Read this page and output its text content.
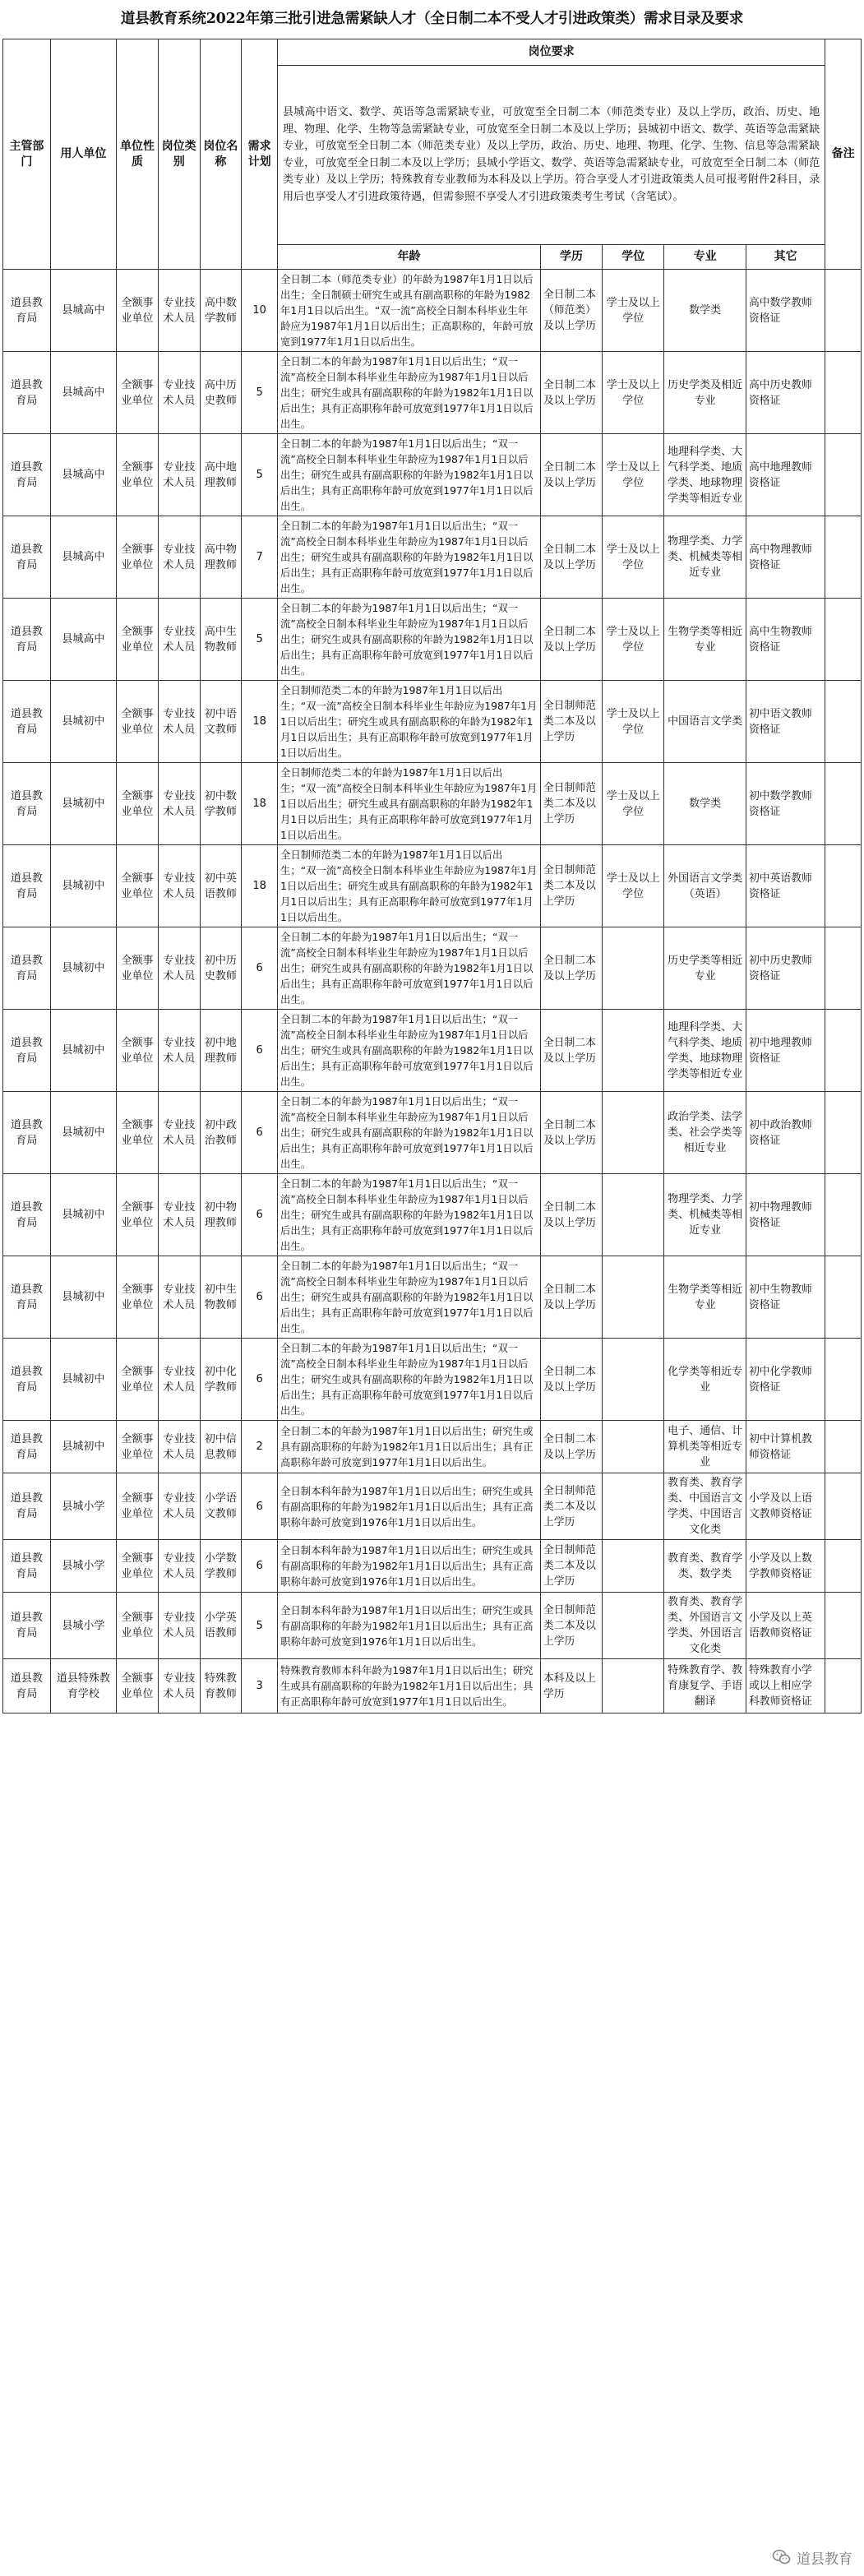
道县教育系统2022年第三批引进急需紧缺人才（全日制二本不受人才引进政策类）需求目录及要求
主管部门	用人单位	单位性质	岗位类别	岗位名称	需求计划	岗位要求					备注
						县城高中语文、数学、英语等急需紧缺专业，可放宽至全日制二本（师范类专业）及以上学历，政治、历史、地理、物理、化学、生物等急需紧缺专业，可放宽至全日制二本及以上学历；县城初中语文、数学、英语等急需紧缺专业，可放宽至全日制二本（师范类专业）及以上学历，政治、历史、地理、物理、化学、生物、信息等急需紧缺专业，可放宽至全日制二本及以上学历；县城小学语文、数学、英语等急需紧缺专业，可放宽至全日制二本（师范类专业）及以上学历；特殊教育专业教师为本科及以上学历。符合享受人才引进政策类人员可报考附件2科目，录用后也享受人才引进政策待遇，但需参照不享受人才引进政策类考生考试（含笔试）。					
						年龄	学历	学位	专业	其它	
道县教育局	县城高中	全额事业单位	专业技术人员	高中数学教师	10	全日制二本（师范类专业）的年龄为1987年1月1日以后出生；全日制硕士研究生或具有副高职称的年龄为1982年1月1日以后出生。“双一流”高校全日制本科毕业生年龄应为1987年1月1日以后出生；正高职称的，年龄可放宽到1977年1月1日以后出生。	全日制二本（师范类）及以上学历	学士及以上学位	数学类	高中数学教师资格证	
道县教育局	县城高中	全额事业单位	专业技术人员	高中历史教师	5	全日制二本的年龄为1987年1月1日以后出生；“双一流”高校全日制本科毕业生年龄应为1987年1月1日以后出生；研究生或具有副高职称的年龄为1982年1月1日以后出生；具有正高职称年龄可放宽到1977年1月1日以后出生。	全日制二本及以上学历	学士及以上学位	历史学类及相近专业	高中历史教师资格证	
道县教育局	县城高中	全额事业单位	专业技术人员	高中地理教师	5	全日制二本的年龄为1987年1月1日以后出生；“双一流”高校全日制本科毕业生年龄应为1987年1月1日以后出生；研究生或具有副高职称的年龄为1982年1月1日以后出生；具有正高职称年龄可放宽到1977年1月1日以后出生。	全日制二本及以上学历	学士及以上学位	地理科学类、大气科学类、地质学类、地球物理学类等相近专业	高中地理教师资格证	
道县教育局	县城高中	全额事业单位	专业技术人员	高中物理教师	7	全日制二本的年龄为1987年1月1日以后出生；“双一流”高校全日制本科毕业生年龄应为1987年1月1日以后出生；研究生或具有副高职称的年龄为1982年1月1日以后出生；具有正高职称年龄可放宽到1977年1月1日以后出生。	全日制二本及以上学历	学士及以上学位	物理学类、力学类、机械类等相近专业	高中物理教师资格证	
道县教育局	县城高中	全额事业单位	专业技术人员	高中生物教师	5	全日制二本的年龄为1987年1月1日以后出生；“双一流”高校全日制本科毕业生年龄应为1987年1月1日以后出生；研究生或具有副高职称的年龄为1982年1月1日以后出生；具有正高职称年龄可放宽到1977年1月1日以后出生。	全日制二本及以上学历	学士及以上学位	生物学类等相近专业	高中生物教师资格证	
道县教育局	县城初中	全额事业单位	专业技术人员	初中语文教师	18	全日制师范类二本的年龄为1987年1月1日以后出生；“双一流”高校全日制本科毕业生年龄应为1987年1月1日以后出生；研究生或具有副高职称的年龄为1982年1月1日以后出生；具有正高职称年龄可放宽到1977年1月1日以后出生。	全日制师范类二本及以上学历	学士及以上学位	中国语言文学类	初中语文教师资格证	
道县教育局	县城初中	全额事业单位	专业技术人员	初中数学教师	18	全日制师范类二本的年龄为1987年1月1日以后出生；“双一流”高校全日制本科毕业生年龄应为1987年1月1日以后出生；研究生或具有副高职称的年龄为1982年1月1日以后出生；具有正高职称年龄可放宽到1977年1月1日以后出生。	全日制师范类二本及以上学历	学士及以上学位	数学类	初中数学教师资格证	
道县教育局	县城初中	全额事业单位	专业技术人员	初中英语教师	18	全日制师范类二本的年龄为1987年1月1日以后出生；“双一流”高校全日制本科毕业生年龄应为1987年1月1日以后出生；研究生或具有副高职称的年龄为1982年1月1日以后出生；具有正高职称年龄可放宽到1977年1月1日以后出生。	全日制师范类二本及以上学历	学士及以上学位	外国语言文学类（英语）	初中英语教师资格证	
道县教育局	县城初中	全额事业单位	专业技术人员	初中历史教师	6	全日制二本的年龄为1987年1月1日以后出生；“双一流”高校全日制本科毕业生年龄应为1987年1月1日以后出生；研究生或具有副高职称的年龄为1982年1月1日以后出生；具有正高职称年龄可放宽到1977年1月1日以后出生。	全日制二本及以上学历		历史学类等相近专业	初中历史教师资格证	
道县教育局	县城初中	全额事业单位	专业技术人员	初中地理教师	6	全日制二本的年龄为1987年1月1日以后出生；“双一流”高校全日制本科毕业生年龄应为1987年1月1日以后出生；研究生或具有副高职称的年龄为1982年1月1日以后出生；具有正高职称年龄可放宽到1977年1月1日以后出生。	全日制二本及以上学历		地理科学类、大气科学类、地质学类、地球物理学类等相近专业	初中地理教师资格证	
道县教育局	县城初中	全额事业单位	专业技术人员	初中政治教师	6	全日制二本的年龄为1987年1月1日以后出生；“双一流”高校全日制本科毕业生年龄应为1987年1月1日以后出生；研究生或具有副高职称的年龄为1982年1月1日以后出生；具有正高职称年龄可放宽到1977年1月1日以后出生。	全日制二本及以上学历		政治学类、法学类、社会学类等相近专业	初中政治教师资格证	
道县教育局	县城初中	全额事业单位	专业技术人员	初中物理教师	6	全日制二本的年龄为1987年1月1日以后出生；“双一流”高校全日制本科毕业生年龄应为1987年1月1日以后出生；研究生或具有副高职称的年龄为1982年1月1日以后出生；具有正高职称年龄可放宽到1977年1月1日以后出生。	全日制二本及以上学历		物理学类、力学类、机械类等相近专业	初中物理教师资格证	
道县教育局	县城初中	全额事业单位	专业技术人员	初中生物教师	6	全日制二本的年龄为1987年1月1日以后出生；“双一流”高校全日制本科毕业生年龄应为1987年1月1日以后出生；研究生或具有副高职称的年龄为1982年1月1日以后出生；具有正高职称年龄可放宽到1977年1月1日以后出生。	全日制二本及以上学历		生物学类等相近专业	初中生物教师资格证	
道县教育局	县城初中	全额事业单位	专业技术人员	初中化学教师	6	全日制二本的年龄为1987年1月1日以后出生；“双一流”高校全日制本科毕业生年龄应为1987年1月1日以后出生；研究生或具有副高职称的年龄为1982年1月1日以后出生；具有正高职称年龄可放宽到1977年1月1日以后出生。	全日制二本及以上学历		化学类等相近专业	初中化学教师资格证	
道县教育局	县城初中	全额事业单位	专业技术人员	初中信息教师	2	全日制二本的年龄为1987年1月1日以后出生；研究生或具有副高职称的年龄为1982年1月1日以后出生；具有正高职称年龄可放宽到1977年1月1日以后出生。	全日制二本及以上学历		电子、通信、计算机类等相近专业	初中计算机教师资格证	
道县教育局	县城小学	全额事业单位	专业技术人员	小学语文教师	6	全日制本科年龄为1987年1月1日以后出生；研究生或具有副高职称的年龄为1982年1月1日以后出生；具有正高职称年龄可放宽到1976年1月1日以后出生。	全日制师范类二本及以上学历		教育类、教育学类、中国语言文学类、中国语言文化类	小学及以上语文教师资格证	
道县教育局	县城小学	全额事业单位	专业技术人员	小学数学教师	6	全日制本科年龄为1987年1月1日以后出生；研究生或具有副高职称的年龄为1982年1月1日以后出生；具有正高职称年龄可放宽到1976年1月1日以后出生。	全日制师范类二本及以上学历		教育类、教育学类、数学类	小学及以上数学教师资格证	
道县教育局	县城小学	全额事业单位	专业技术人员	小学英语教师	5	全日制本科年龄为1987年1月1日以后出生；研究生或具有副高职称的年龄为1982年1月1日以后出生；具有正高职称年龄可放宽到1976年1月1日以后出生。	全日制师范类二本及以上学历		教育类、教育学类、外国语言文学类、外国语言文化类	小学及以上英语教师资格证	
道县教育局	道县特殊教育学校	全额事业单位	专业技术人员	特殊教育教师	3	特殊教育教师本科年龄为1987年1月1日以后出生；研究生或具有副高职称的年龄为1982年1月1日以后出生；具有正高职称年龄可放宽到1977年1月1日以后出生。	本科及以上学历		特殊教育学、教育康复学、手语翻译	特殊教育小学或以上相应学科教师资格证	
道县教育
